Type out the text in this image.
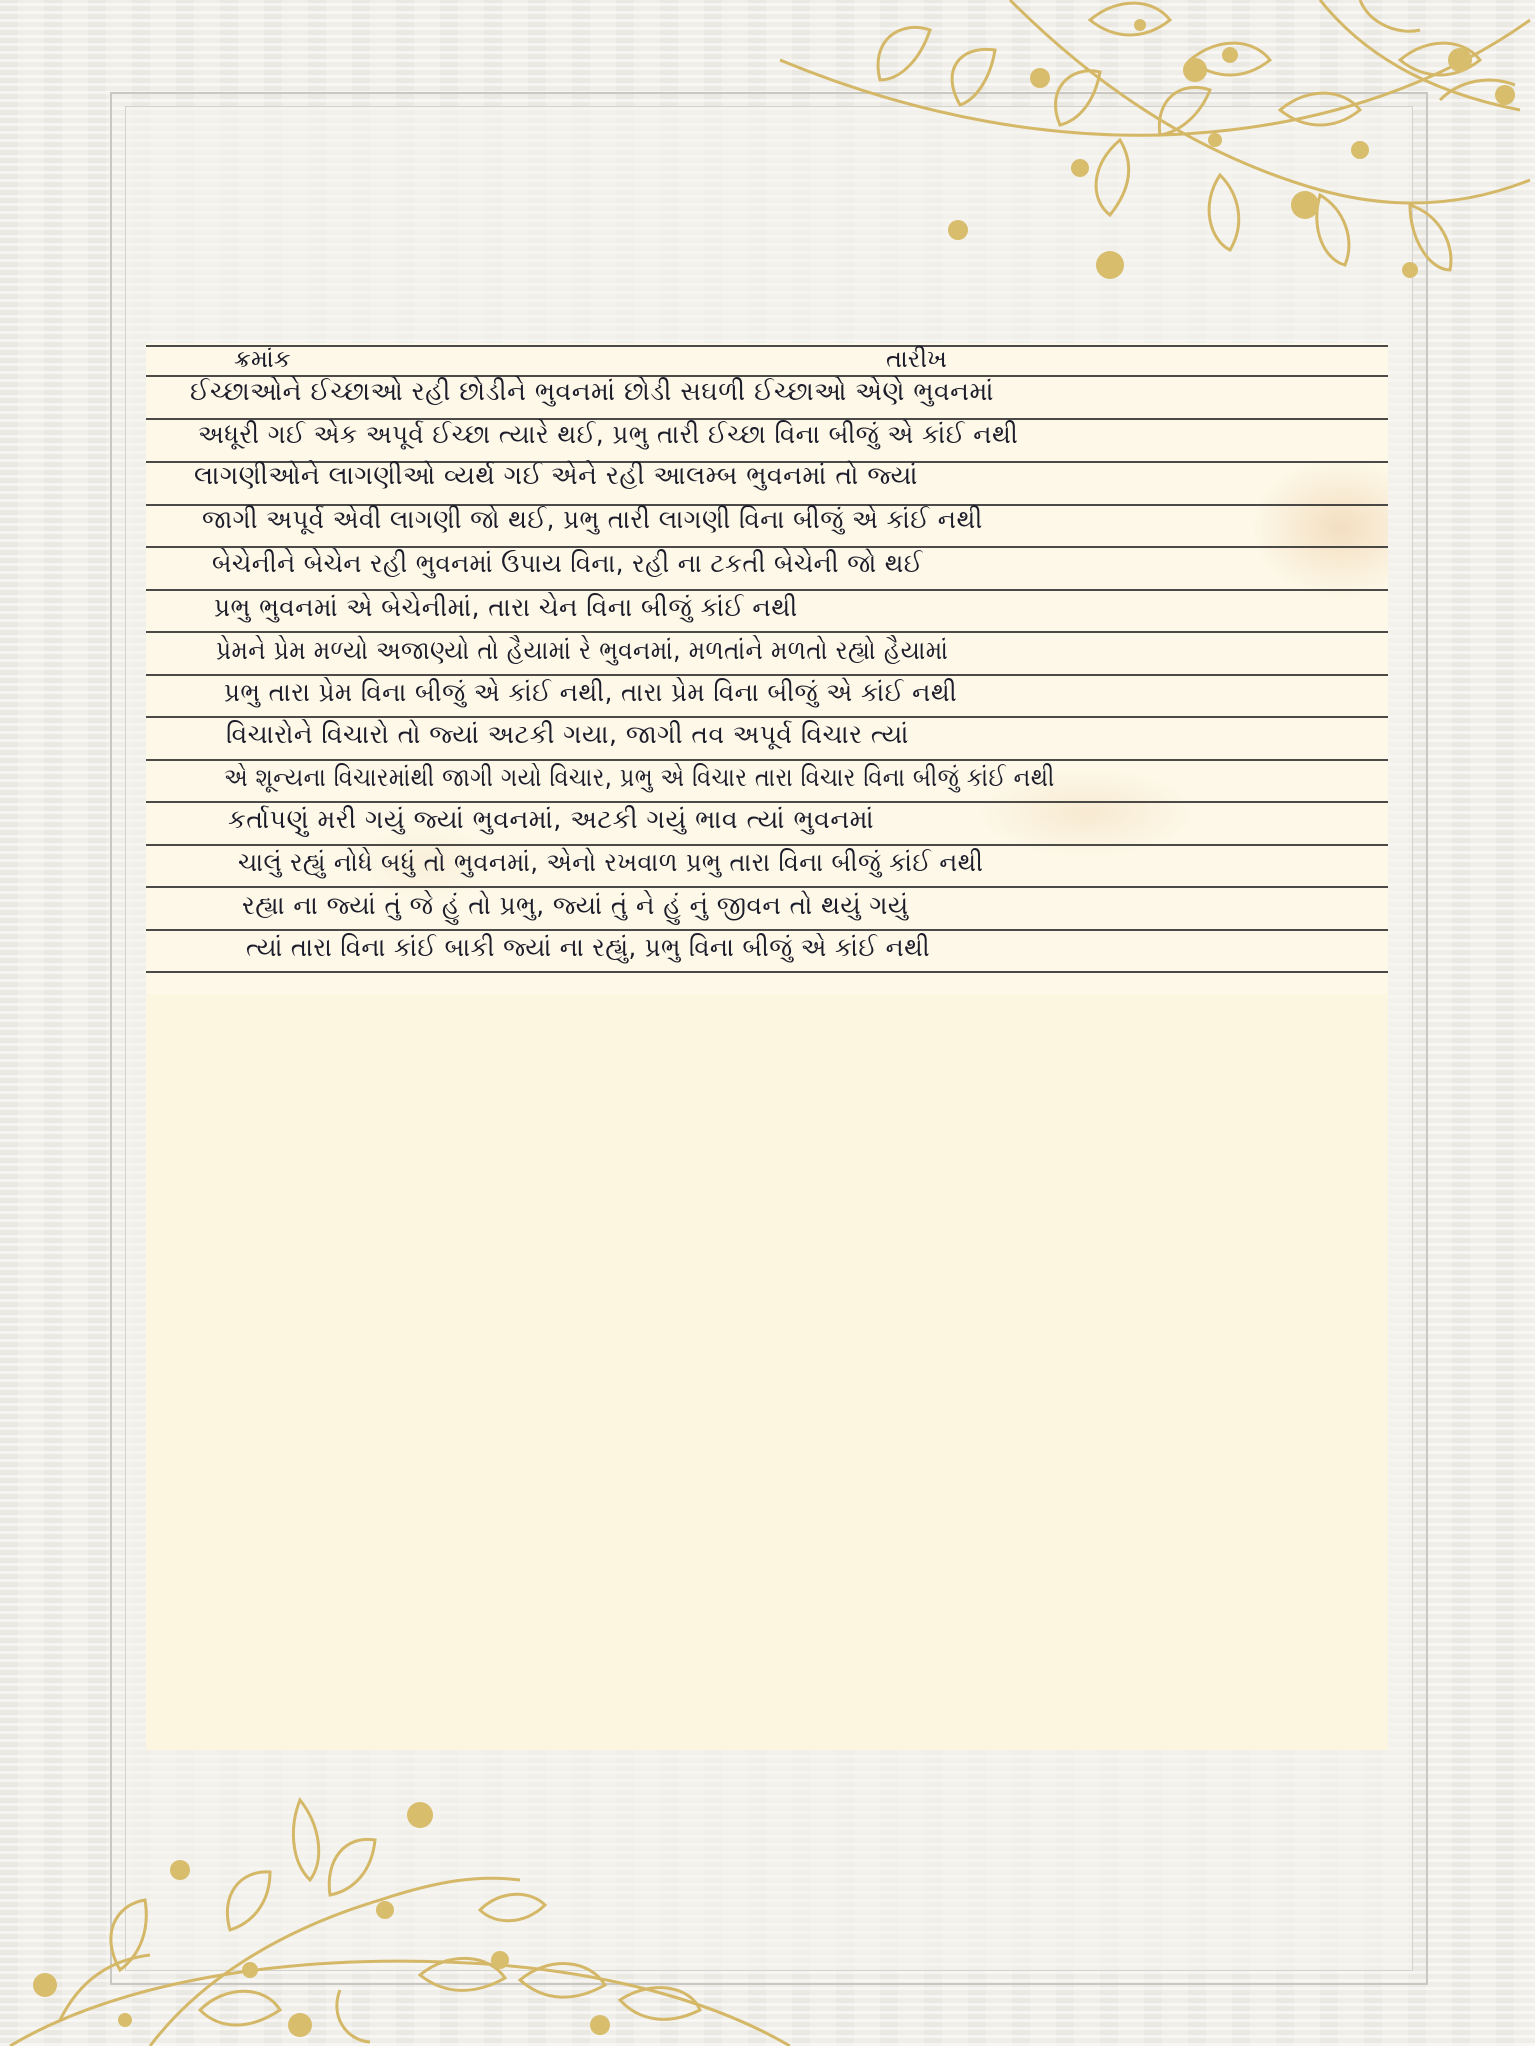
ક્રમાંક	તારીખ
ઈચ્છાઓને ઈચ્છાઓ રહી છોડીને ભુવનમાં છોડી સઘળી ઈચ્છાઓ એણે ભુવનમાં
અધૂરી ગઈ એક અપૂર્વ ઈચ્છા ત્યારે થઈ, પ્રભુ તારી ઈચ્છા વિના બીજું એ કાંઈ નથી
લાગણીઓને લાગણીઓ વ્યર્થ ગઈ એને રહી આલમ્બ ભુવનમાં તો જ્યાં
જાગી અપૂર્વ એવી લાગણી જો થઈ, પ્રભુ તારી લાગણી વિના બીજું એ કાંઈ નથી
બેચેનીને બેચેન રહી ભુવનમાં ઉપાય વિના, રહી ના ટકતી બેચેની જો થઈ
પ્રભુ ભુવનમાં એ બેચેનીમાં, તારા ચેન વિના બીજું કાંઈ નથી
પ્રેમને પ્રેમ મળ્યો અજાણ્યો તો હૈયામાં રે ભુવનમાં, મળતાંને મળતો રહ્યો હૈયામાં
પ્રભુ તારા પ્રેમ વિના બીજું એ કાંઈ નથી, તારા પ્રેમ વિના બીજું એ કાંઈ નથી
વિચારોને વિચારો તો જ્યાં અટકી ગયા, જાગી તવ અપૂર્વ વિચાર ત્યાં
એ શૂન્યના વિચારમાંથી જાગી ગયો વિચાર, પ્રભુ એ વિચાર તારા વિચાર વિના બીજું કાંઈ નથી
કર્તાપણું મરી ગયું જ્યાં ભુવનમાં, અટકી ગયું ભાવ ત્યાં ભુવનમાં
ચાલું રહ્યું નોધે બધું તો ભુવનમાં, એનો રખવાળ પ્રભુ તારા વિના બીજું કાંઈ નથી
રહ્યા ના જ્યાં તું જે હું તો પ્રભુ, જ્યાં તું ને હું નું જીવન તો થયું ગયું
ત્યાં તારા વિના કાંઈ બાકી જ્યાં ના રહ્યું, પ્રભુ વિના બીજું એ કાંઈ નથી
